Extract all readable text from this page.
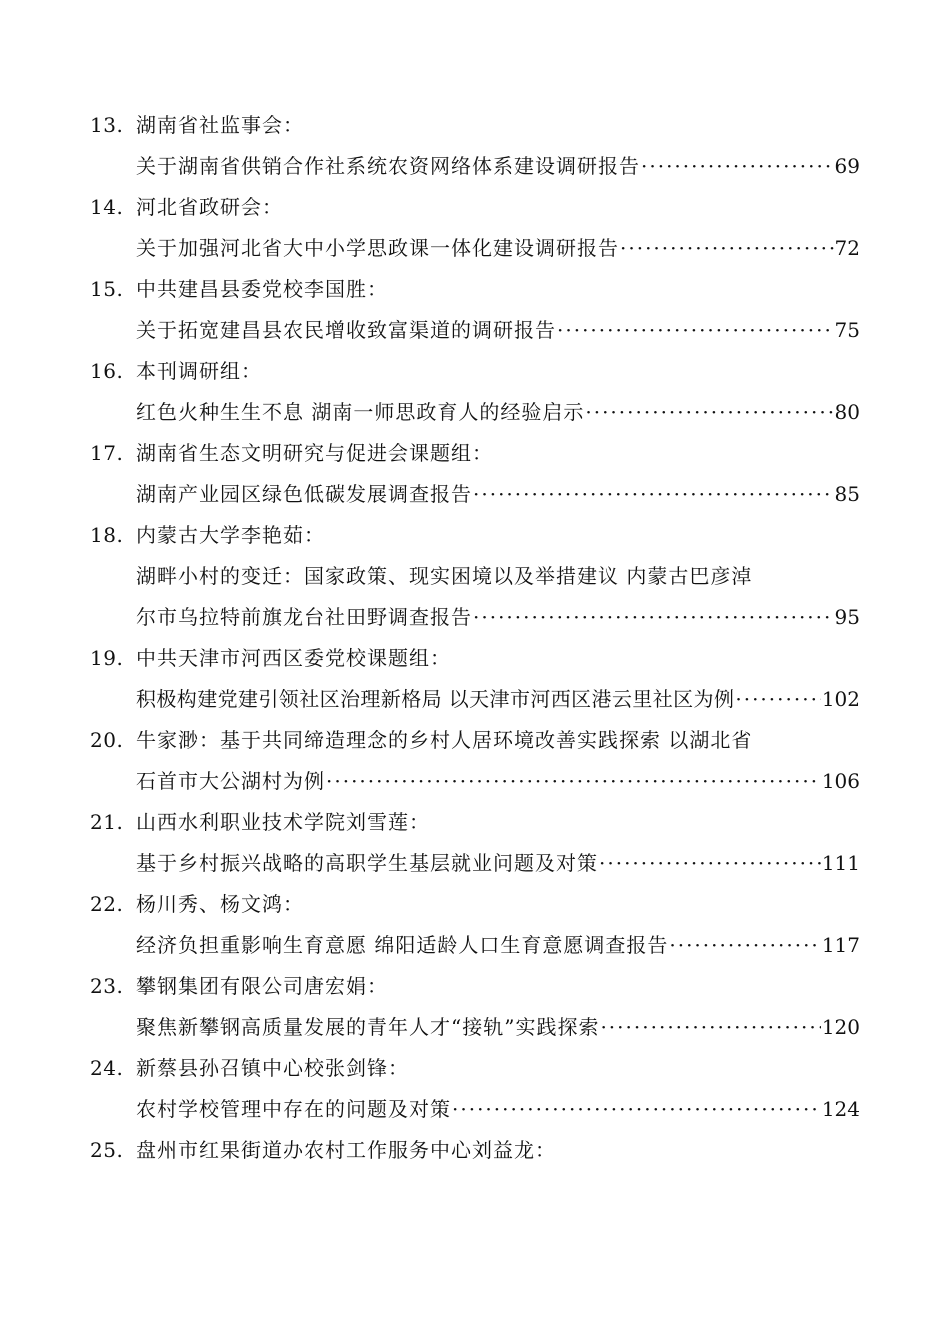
13. 湖南省社监事会：
关于湖南省供销合作社系统农资网络体系建设调研报告 ·····	69
14. 河北省政研会：
关于加强河北省大中小学思政课一体化建设调研报告 ·····	72
15. 中共建昌县委党校李国胜：
关于拓宽建昌县农民增收致富渠道的调研报告 ·····	75
16. 本刊调研组：
红色火种生生不息 湖南一师思政育人的经验启示 ·····	80
17. 湖南省生态文明研究与促进会课题组：
湖南产业园区绿色低碳发展调查报告 ·····	85
18. 内蒙古大学李艳茹：
湖畔小村的变迁：国家政策、现实困境以及举措建议 内蒙古巴彦淖
尔市乌拉特前旗龙台社田野调查报告 ·····	95
19. 中共天津市河西区委党校课题组：
积极构建党建引领社区治理新格局 以天津市河西区港云里社区为例 ·····	102
20. 牛家渺：基于共同缔造理念的乡村人居环境改善实践探索 以湖北省
石首市大公湖村为例 ·····	106
21. 山西水利职业技术学院刘雪莲：
基于乡村振兴战略的高职学生基层就业问题及对策 ·····	111
22. 杨川秀、杨文鸿：
经济负担重影响生育意愿 绵阳适龄人口生育意愿调查报告 ·····	117
23. 攀钢集团有限公司唐宏娟：
聚焦新攀钢高质量发展的青年人才“接轨”实践探索 ·····	120
24. 新蔡县孙召镇中心校张剑锋：
农村学校管理中存在的问题及对策 ·····	124
25. 盘州市红果街道办农村工作服务中心刘益龙：
